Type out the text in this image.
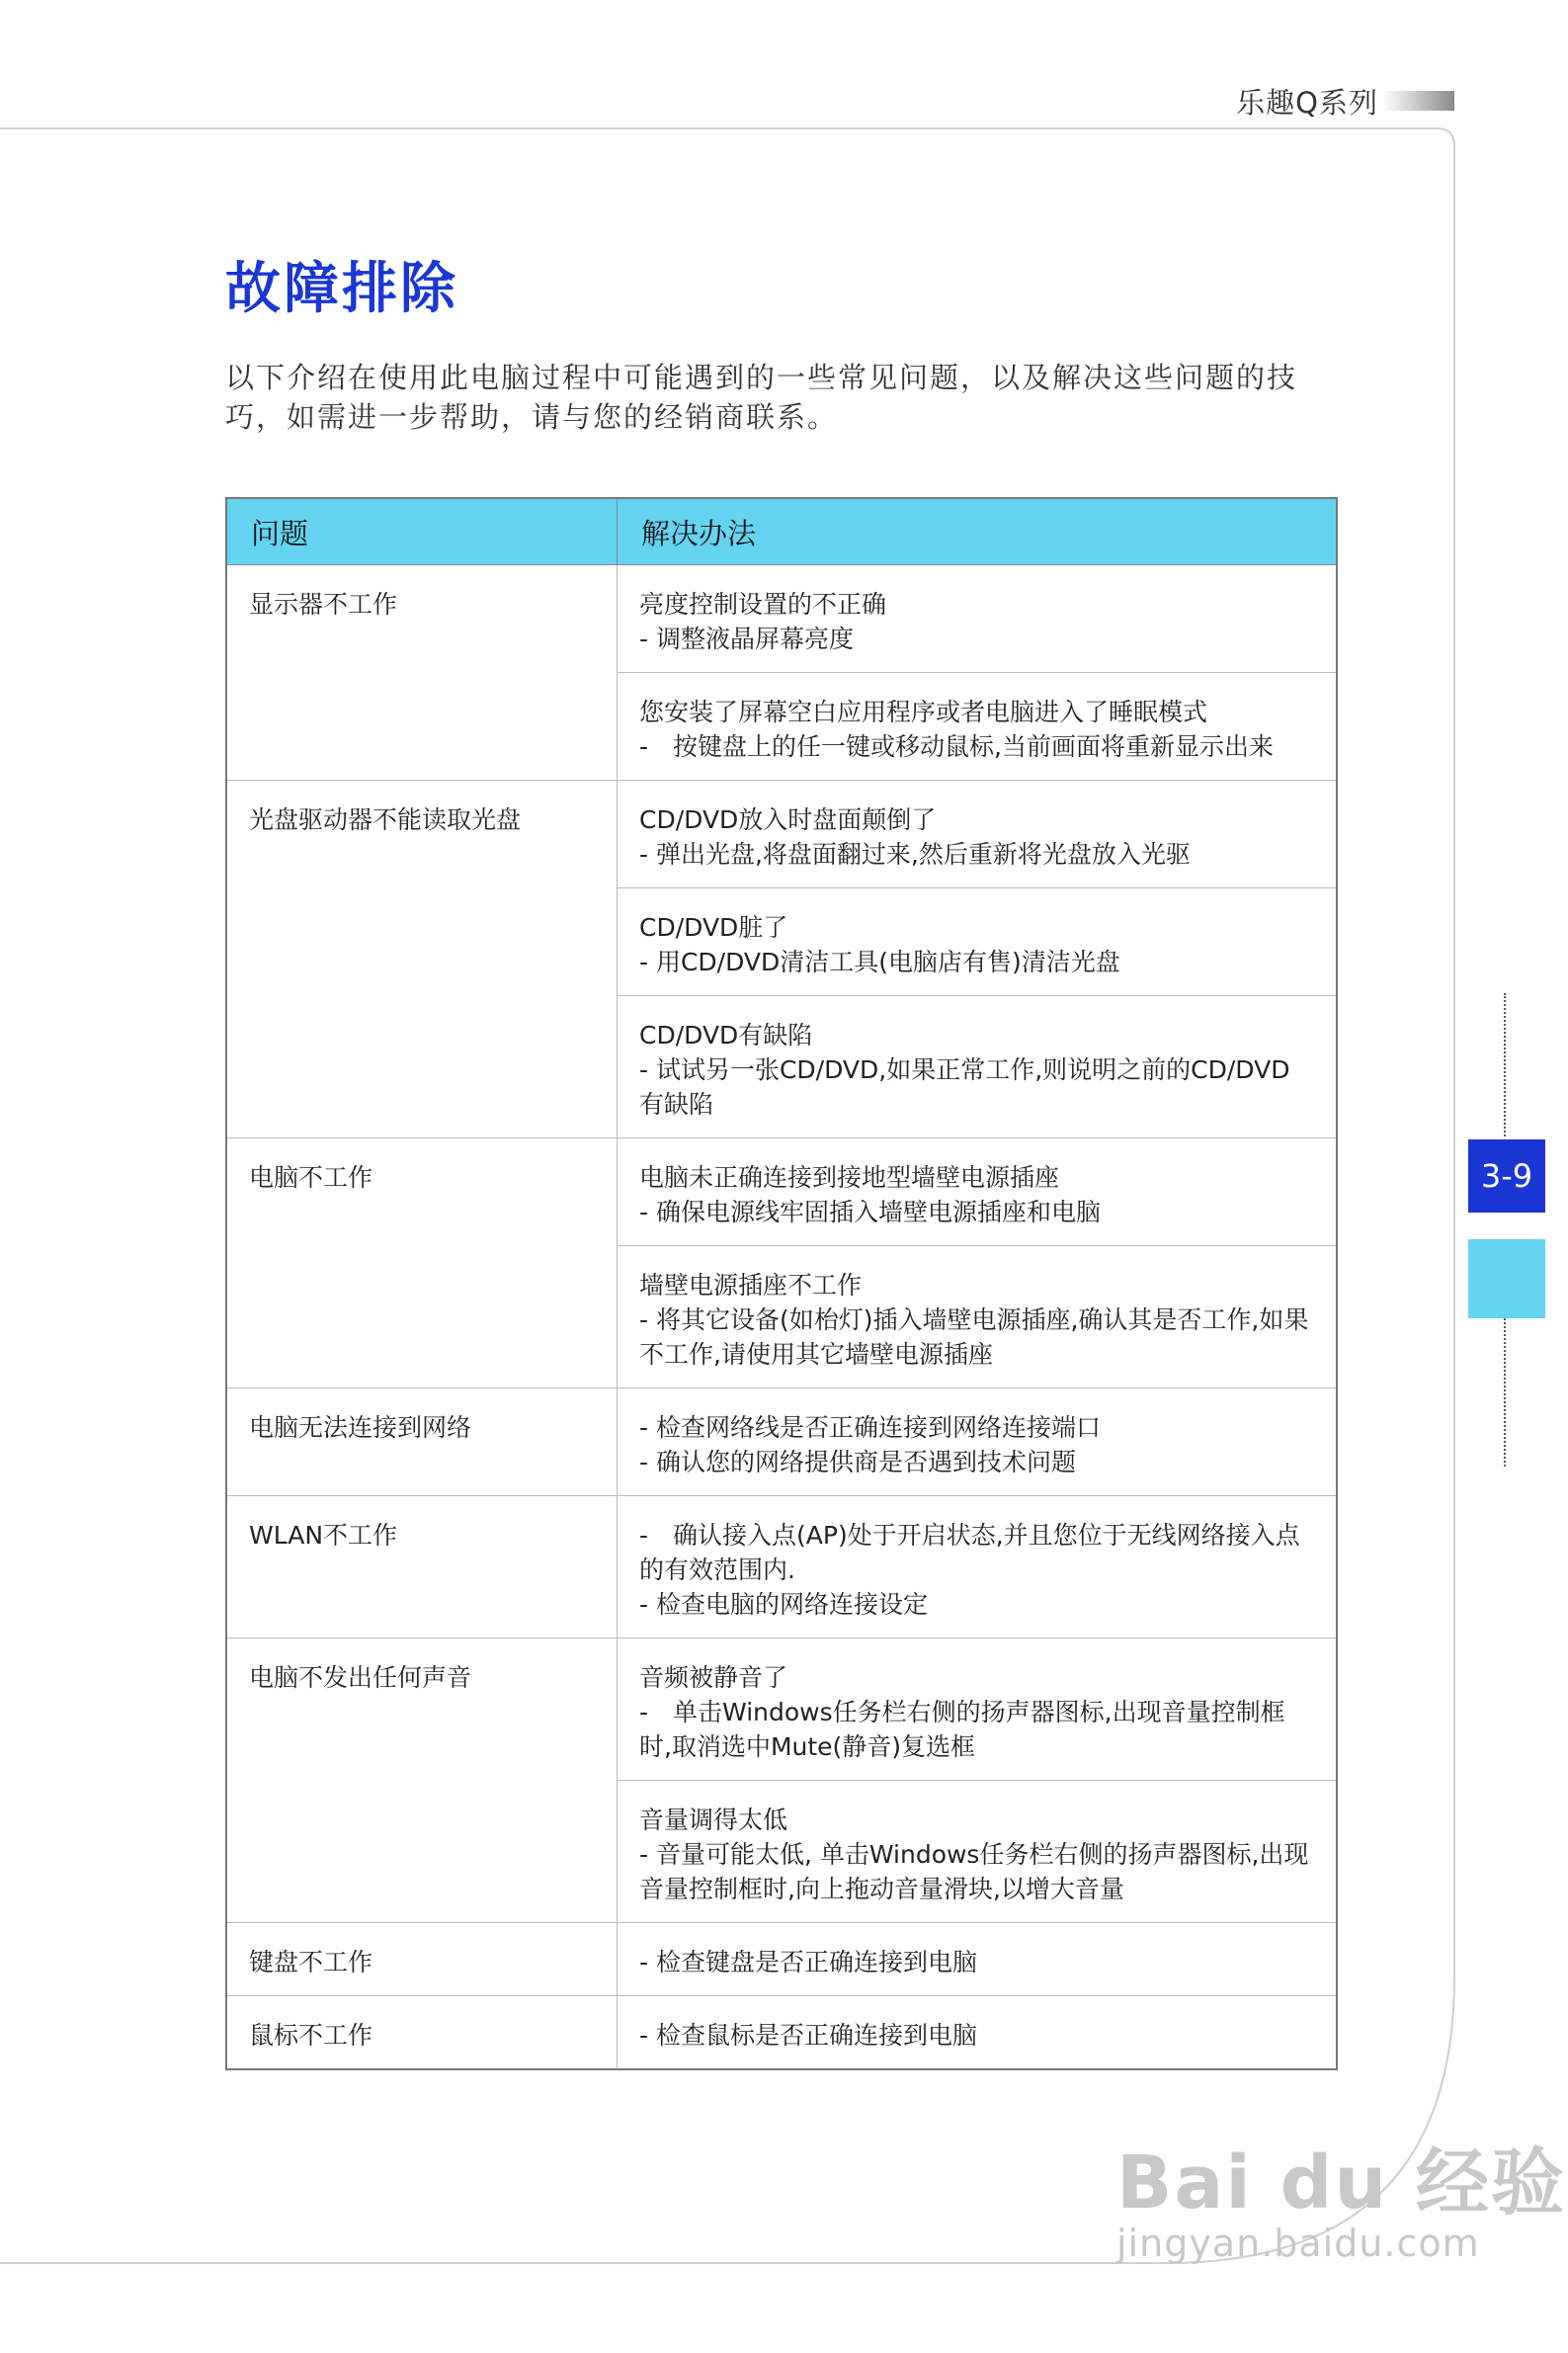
乐趣Q系列
故障排除
以下介绍在使用此电脑过程中可能遇到的一些常见问题，以及解决这些问题的技巧，如需进一步帮助，请与您的经销商联系。
问题	解决办法
显示器不工作	亮度控制设置的不正确
- 调整液晶屏幕亮度

	您安装了屏幕空白应用程序或者电脑进入了睡眠模式
-　按键盘上的任一键或移动鼠标,当前画面将重新显示出来

光盘驱动器不能读取光盘	CD/DVD放入时盘面颠倒了
- 弹出光盘,将盘面翻过来,然后重新将光盘放入光驱

	CD/DVD脏了
- 用CD/DVD清洁工具(电脑店有售)清洁光盘

	CD/DVD有缺陷
- 试试另一张CD/DVD,如果正常工作,则说明之前的CD/DVD有缺陷

电脑不工作	电脑未正确连接到接地型墙壁电源插座
- 确保电源线牢固插入墙壁电源插座和电脑

	墙壁电源插座不工作
- 将其它设备(如枱灯)插入墙壁电源插座,确认其是否工作,如果不工作,请使用其它墙壁电源插座

电脑无法连接到网络	- 检查网络线是否正确连接到网络连接端口
- 确认您的网络提供商是否遇到技术问题

WLAN不工作	-　确认接入点(AP)处于开启状态,并且您位于无线网络接入点的有效范围内.
- 检查电脑的网络连接设定

电脑不发出任何声音	音频被静音了
-　单击Windows任务栏右侧的扬声器图标,出现音量控制框时,取消选中Mute(静音)复选框

	音量调得太低
- 音量可能太低, 单击Windows任务栏右侧的扬声器图标,出现音量控制框时,向上拖动音量滑块,以增大音量

键盘不工作	- 检查键盘是否正确连接到电脑

鼠标不工作	- 检查鼠标是否正确连接到电脑
3-9
Bai du 经验
jingyan.baidu.com
